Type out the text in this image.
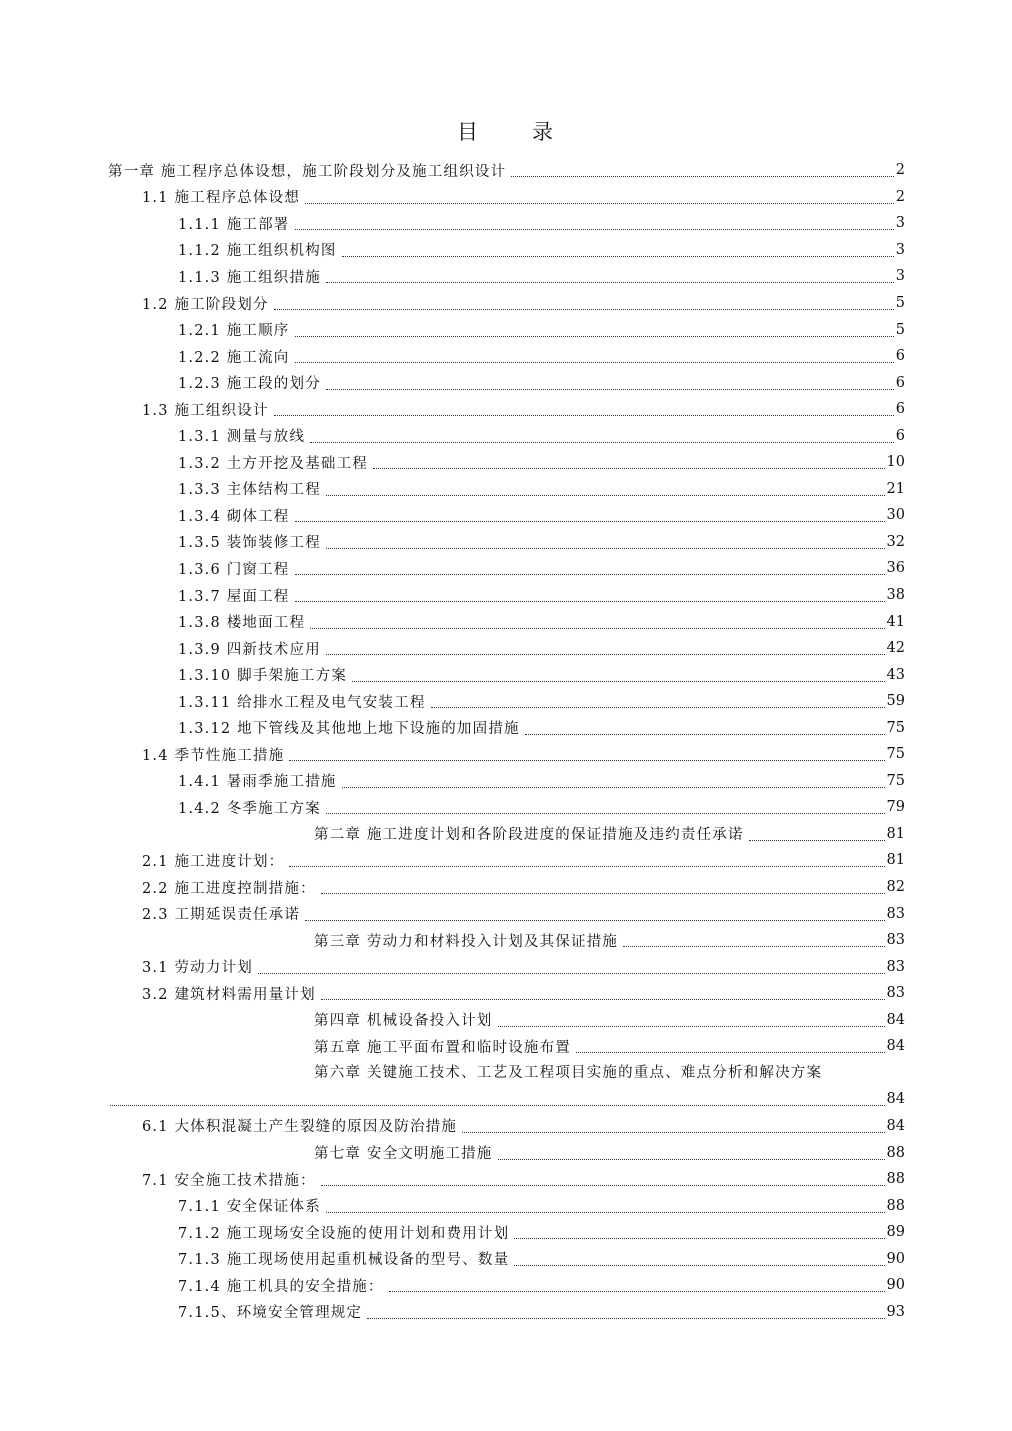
目 录
第一章 施工程序总体设想，施工阶段划分及施工组织设计	2
1.1 施工程序总体设想	2
1.1.1 施工部署	3
1.1.2 施工组织机构图	3
1.1.3 施工组织措施	3
1.2 施工阶段划分	5
1.2.1 施工顺序	5
1.2.2 施工流向	6
1.2.3 施工段的划分	6
1.3 施工组织设计	6
1.3.1 测量与放线	6
1.3.2 土方开挖及基础工程	10
1.3.3 主体结构工程	21
1.3.4 砌体工程	30
1.3.5 装饰装修工程	32
1.3.6 门窗工程	36
1.3.7 屋面工程	38
1.3.8 楼地面工程	41
1.3.9 四新技术应用	42
1.3.10 脚手架施工方案	43
1.3.11 给排水工程及电气安装工程	59
1.3.12 地下管线及其他地上地下设施的加固措施	75
1.4 季节性施工措施	75
1.4.1 暑雨季施工措施	75
1.4.2 冬季施工方案	79
第二章 施工进度计划和各阶段进度的保证措施及违约责任承诺	81
2.1 施工进度计划：	81
2.2 施工进度控制措施：	82
2.3 工期延误责任承诺	83
第三章 劳动力和材料投入计划及其保证措施	83
3.1 劳动力计划	83
3.2 建筑材料需用量计划	83
第四章 机械设备投入计划	84
第五章 施工平面布置和临时设施布置	84
第六章 关键施工技术、工艺及工程项目实施的重点、难点分析和解决方案
84
6.1 大体积混凝土产生裂缝的原因及防治措施	84
第七章 安全文明施工措施	88
7.1 安全施工技术措施：	88
7.1.1 安全保证体系	88
7.1.2 施工现场安全设施的使用计划和费用计划	89
7.1.3 施工现场使用起重机械设备的型号、数量	90
7.1.4 施工机具的安全措施：	90
7.1.5、环境安全管理规定	93
